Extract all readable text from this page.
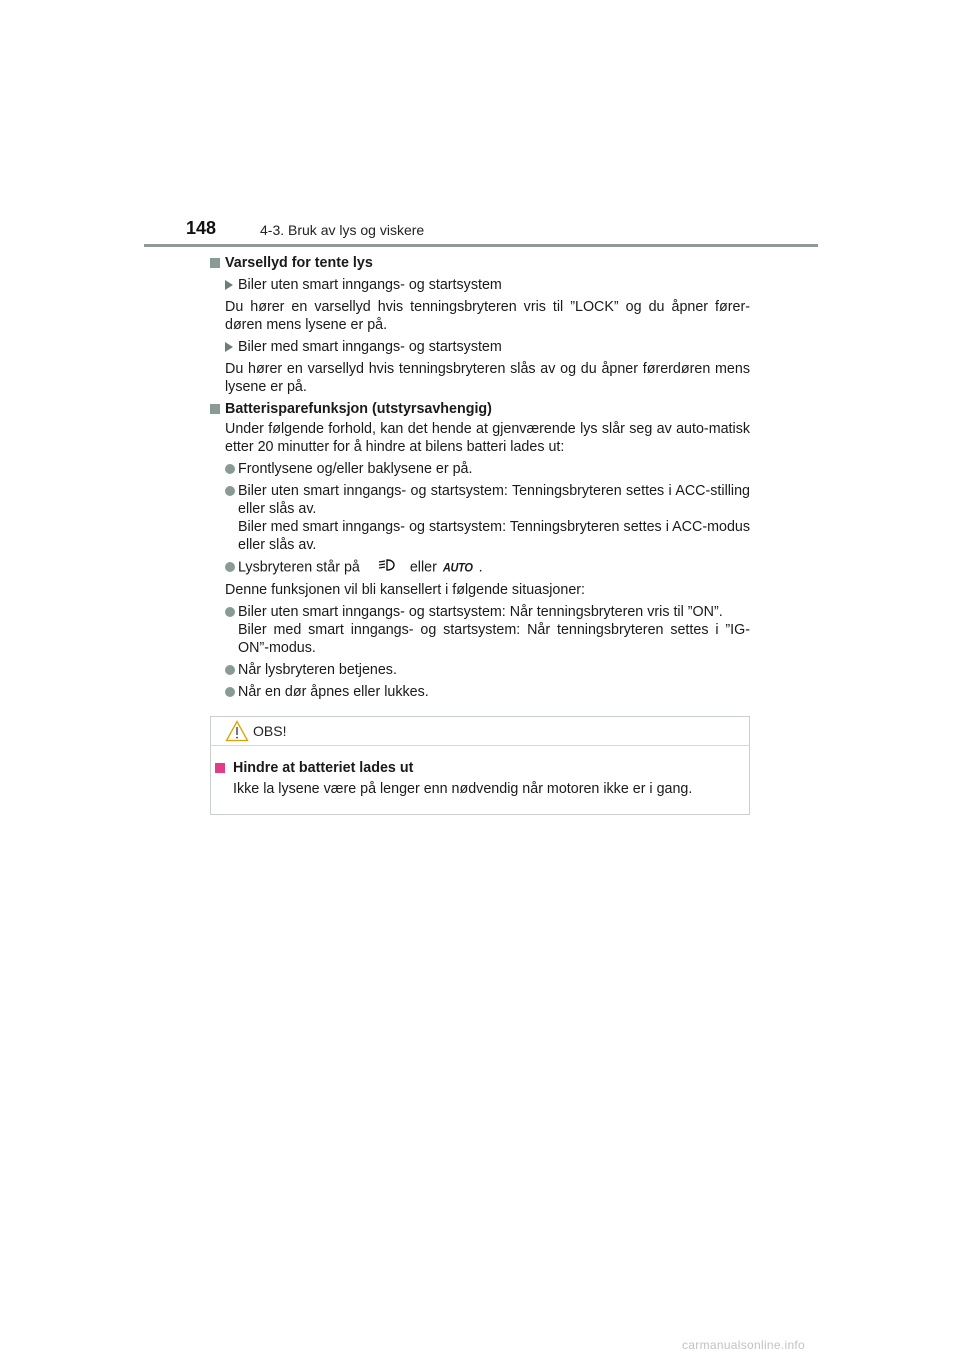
148	4-3. Bruk av lys og viskere

Varsellyd for tente lys

Biler uten smart inngangs- og startsystem
Du hører en varsellyd hvis tenningsbryteren vris til ”LOCK” og du åpner fører-døren mens lysene er på.
Biler med smart inngangs- og startsystem
Du hører en varsellyd hvis tenningsbryteren slås av og du åpner førerdøren mens lysene er på.

Batterisparefunksjon (utstyrsavhengig)

Under følgende forhold, kan det hende at gjenværende lys slår seg av auto-matisk etter 20 minutter for å hindre at bilens batteri lades ut:
Frontlysene og/eller baklysene er på.
Biler uten smart inngangs- og startsystem: Tenningsbryteren settes i ACC-stilling eller slås av.
Biler med smart inngangs- og startsystem: Tenningsbryteren settes i ACC-modus eller slås av.
Lysbryteren står på	eller AUTO .
Denne funksjonen vil bli kansellert i følgende situasjoner:
Biler uten smart inngangs- og startsystem: Når tenningsbryteren vris til ”ON”.
Biler med smart inngangs- og startsystem: Når tenningsbryteren settes i ”IG-ON”-modus.
Når lysbryteren betjenes.
Når en dør åpnes eller lukkes.
OBS!
Hindre at batteriet lades ut
Ikke la lysene være på lenger enn nødvendig når motoren ikke er i gang.
carmanualsonline.info
